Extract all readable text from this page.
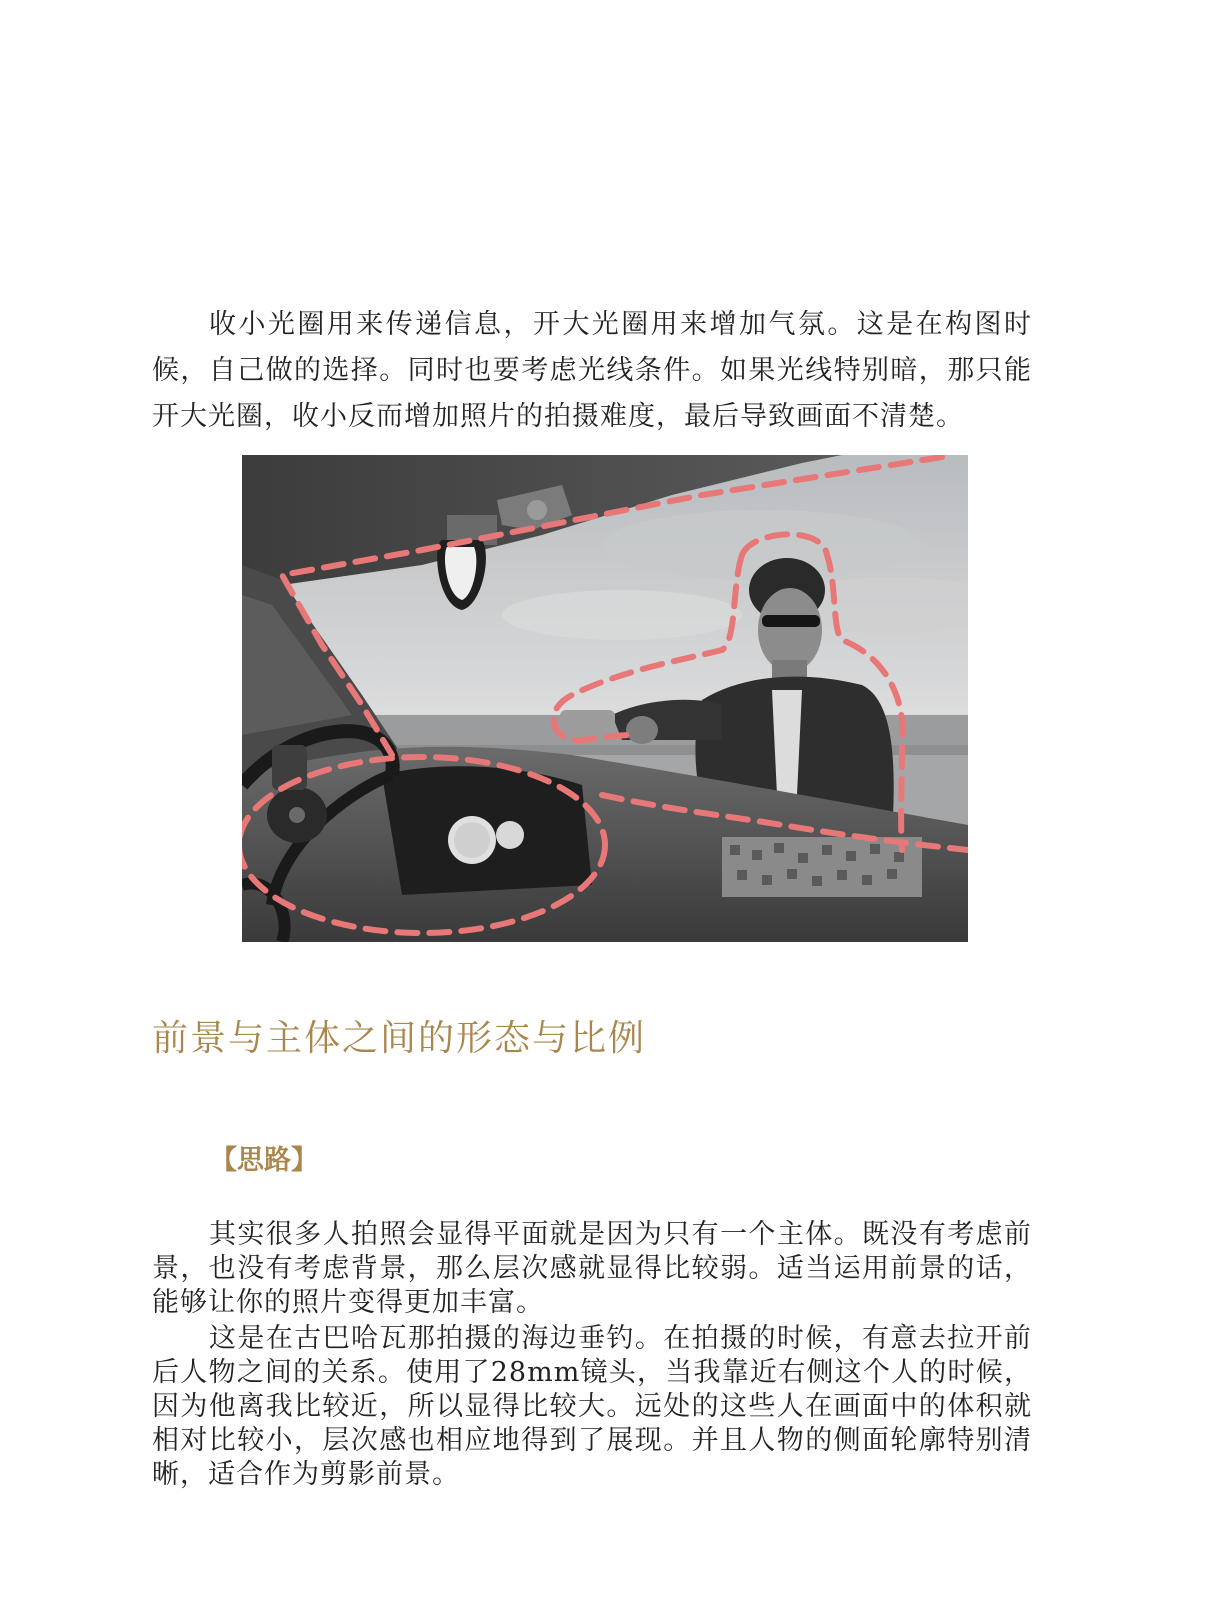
收小光圈用来传递信息，开大光圈用来增加气氛。这是在构图时候，自己做的选择。同时也要考虑光线条件。如果光线特别暗，那只能开大光圈，收小反而增加照片的拍摄难度，最后导致画面不清楚。

前景与主体之间的形态与比例

【思路】

其实很多人拍照会显得平面就是因为只有一个主体。既没有考虑前景，也没有考虑背景，那么层次感就显得比较弱。适当运用前景的话，能够让你的照片变得更加丰富。

这是在古巴哈瓦那拍摄的海边垂钓。在拍摄的时候，有意去拉开前后人物之间的关系。使用了28mm镜头，当我靠近右侧这个人的时候，因为他离我比较近，所以显得比较大。远处的这些人在画面中的体积就相对比较小，层次感也相应地得到了展现。并且人物的侧面轮廓特别清晰，适合作为剪影前景。
